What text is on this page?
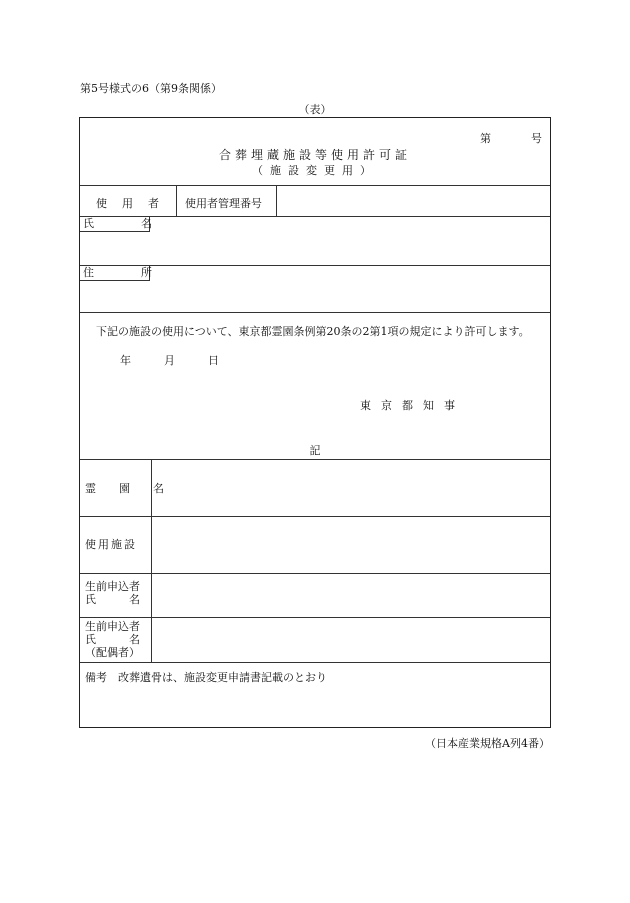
第5号様式の6（第9条関係）
（表）
第	号
合葬埋蔵施設等使用許可証
（施設変更用）
使　用　者 使用者管理番号
氏　名
住　所
下記の施設の使用について、東京都霊園条例第20条の2第1項の規定により許可します。
年　　　月　　　日
東京都知事
記
霊　園　名
使用施設
生前申込者
氏　　　名
生前申込者
氏　　　名
（配偶者）
備考　改葬遺骨は、施設変更申請書記載のとおり
（日本産業規格A列4番）
